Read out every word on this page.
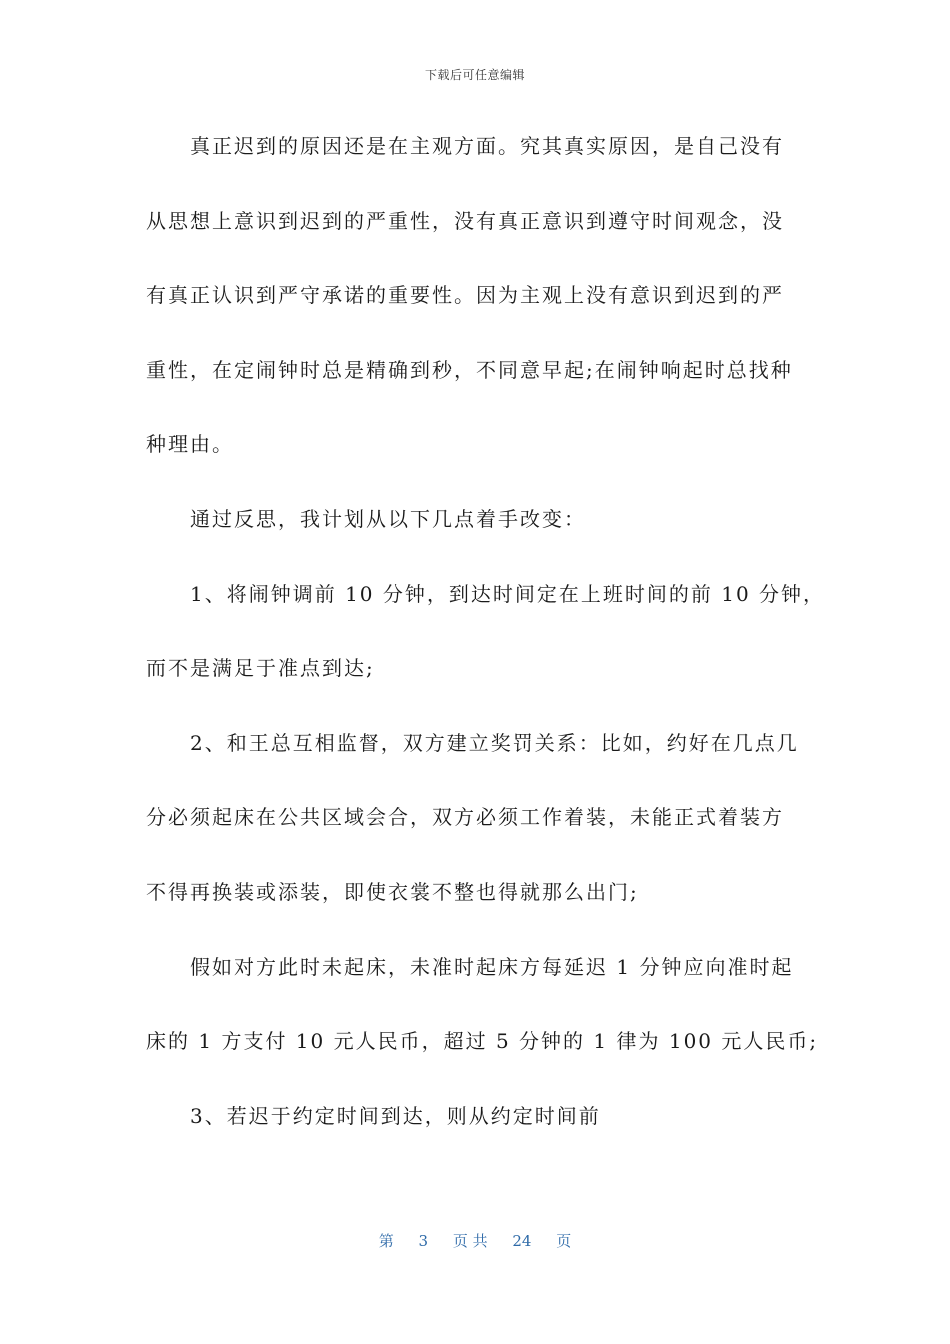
下载后可任意编辑
真正迟到的原因还是在主观方面。究其真实原因，是自己没有
从思想上意识到迟到的严重性，没有真正意识到遵守时间观念，没
有真正认识到严守承诺的重要性。因为主观上没有意识到迟到的严
重性，在定闹钟时总是精确到秒，不同意早起;在闹钟响起时总找种
种理由。
通过反思，我计划从以下几点着手改变：
1、将闹钟调前 10 分钟，到达时间定在上班时间的前 10 分钟，
而不是满足于准点到达;
2、和王总互相监督，双方建立奖罚关系：比如，约好在几点几
分必须起床在公共区域会合，双方必须工作着装，未能正式着装方
不得再换装或添装，即使衣裳不整也得就那么出门;
假如对方此时未起床，未准时起床方每延迟 1 分钟应向准时起
床的 1 方支付 10 元人民币，超过 5 分钟的 1 律为 100 元人民币;
3、若迟于约定时间到达，则从约定时间前
第 3 页 共 24 页
